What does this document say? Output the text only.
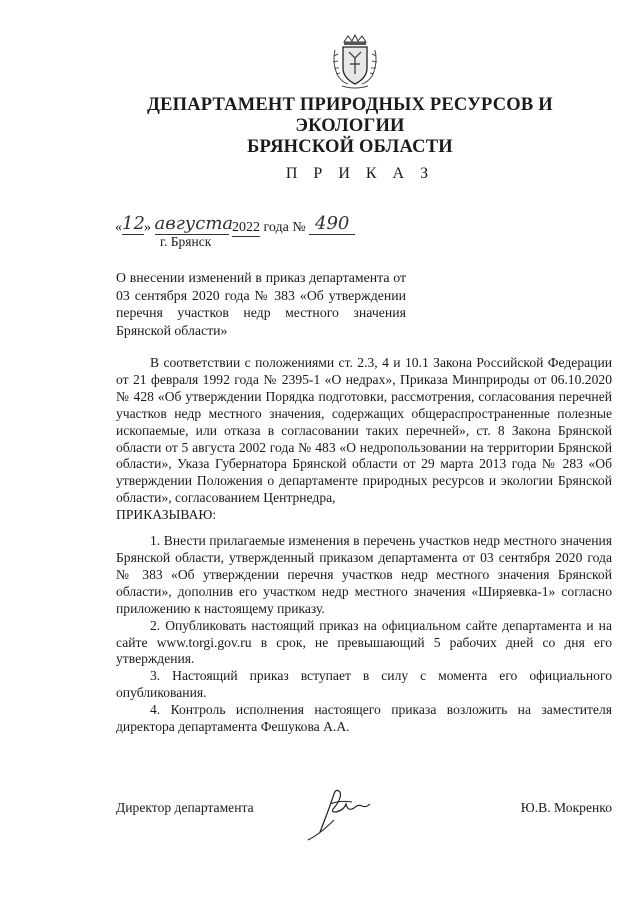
ДЕПАРТАМЕНТ ПРИРОДНЫХ РЕСУРСОВ И ЭКОЛОГИИ
БРЯНСКОЙ ОБЛАСТИ
П Р И К А З
«12» августа 2022 года № 490
г. Брянск
О внесении изменений в приказ департамента от 03 сентября 2020 года № 383 «Об утверждении перечня участков недр местного значения Брянской области»

В соответствии с положениями ст. 2.3, 4 и 10.1 Закона Российской Федерации от 21 февраля 1992 года № 2395-1 «О недрах», Приказа Минприроды от 06.10.2020 № 428 «Об утверждении Порядка подготовки, рассмотрения, согласования перечней участков недр местного значения, содержащих общераспространенные полезные ископаемые, или отказа в согласовании таких перечней», ст. 8 Закона Брянской области от 5 августа 2002 года № 483 «О недропользовании на территории Брянской области», Указа Губернатора Брянской области от 29 марта 2013 года № 283 «Об утверждении Положения о департаменте природных ресурсов и экологии Брянской области», согласованием Центрнедра,

ПРИКАЗЫВАЮ:

1. Внести прилагаемые изменения в перечень участков недр местного значения Брянской области, утвержденный приказом департамента от 03 сентября 2020 года № 383 «Об утверждении перечня участков недр местного значения Брянской области», дополнив его участком недр местного значения «Ширяевка-1» согласно приложению к настоящему приказу.

2. Опубликовать настоящий приказ на официальном сайте департамента и на сайте www.torgi.gov.ru в срок, не превышающий 5 рабочих дней со дня его утверждения.

3. Настоящий приказ вступает в силу с момента его официального опубликования.

4. Контроль исполнения настоящего приказа возложить на заместителя директора департамента Фешукова А.А.

Директор департамента	Ю.В. Мокренко
